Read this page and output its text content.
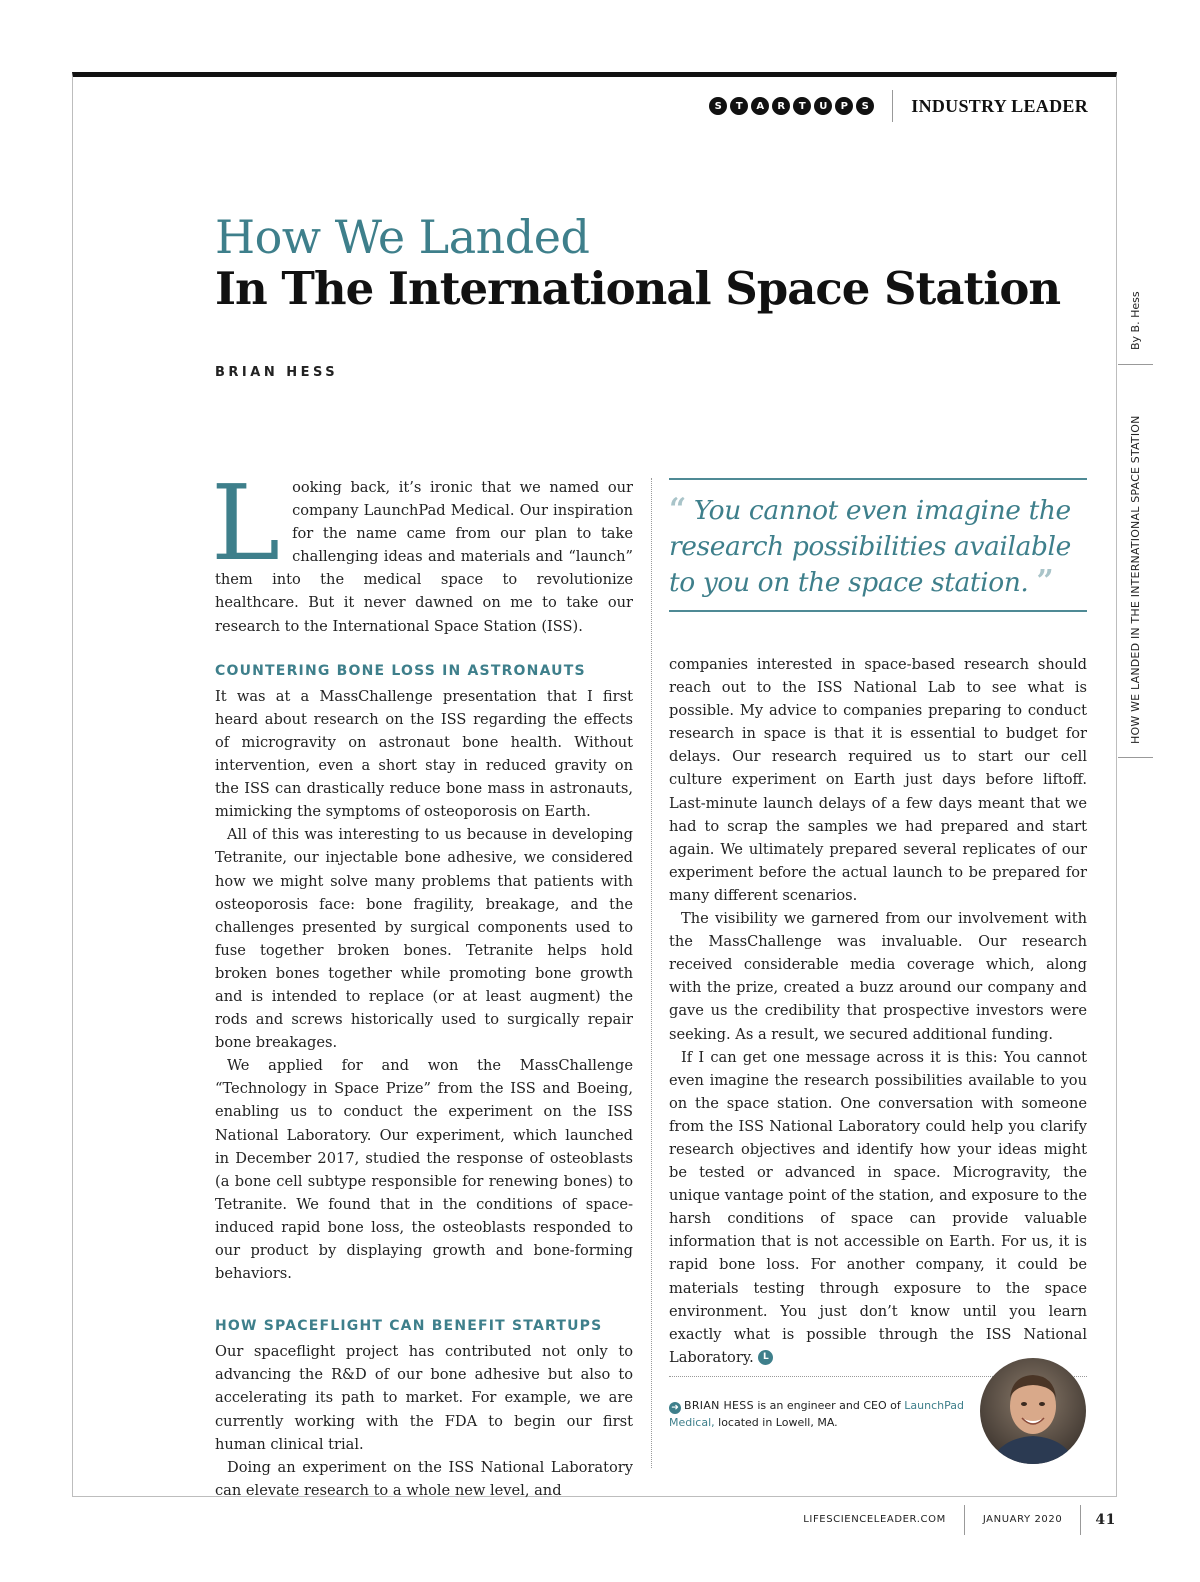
S	T	A	R	T	U	P	S	INDUSTRY LEADER
How We Landed
In The International Space Station
BRIAN HESS
By B. Hess
HOW WE LANDED IN THE INTERNATIONAL SPACE STATION

Looking back, it’s ironic that we named our company LaunchPad Medical. Our inspiration for the name came from our plan to take challenging ideas and materials and “launch” them into the medical space to revolutionize healthcare. But it never dawned on me to take our research to the International Space Station (ISS).

COUNTERING BONE LOSS IN ASTRONAUTS

It was at a MassChallenge presentation that I first heard about research on the ISS regarding the effects of microgravity on astronaut bone health. Without intervention, even a short stay in reduced gravity on the ISS can drastically reduce bone mass in astronauts, mimicking the symptoms of osteoporosis on Earth.

All of this was interesting to us because in developing Tetranite, our injectable bone adhesive, we considered how we might solve many problems that patients with osteoporosis face: bone fragility, breakage, and the challenges presented by surgical components used to fuse together broken bones. Tetranite helps hold broken bones together while promoting bone growth and is intended to replace (or at least augment) the rods and screws historically used to surgically repair bone breakages.

We applied for and won the MassChallenge “Technology in Space Prize” from the ISS and Boeing, enabling us to conduct the experiment on the ISS National Laboratory. Our experiment, which launched in December 2017, studied the response of osteoblasts (a bone cell subtype responsible for renewing bones) to Tetranite. We found that in the conditions of space-induced rapid bone loss, the osteoblasts responded to our product by displaying growth and bone-forming behaviors.

HOW SPACEFLIGHT CAN BENEFIT STARTUPS

Our spaceflight project has contributed not only to advancing the R&D of our bone adhesive but also to accelerating its path to market. For example, we are currently working with the FDA to begin our first human clinical trial.

Doing an experiment on the ISS National Laboratory can elevate research to a whole new level, and

“ You cannot even imagine the research possibilities available to you on the space station. ”

companies interested in space-based research should reach out to the ISS National Lab to see what is possible. My advice to companies preparing to conduct research in space is that it is essential to budget for delays. Our research required us to start our cell culture experiment on Earth just days before liftoff. Last-minute launch delays of a few days meant that we had to scrap the samples we had prepared and start again. We ultimately prepared several replicates of our experiment before the actual launch to be prepared for many different scenarios.

The visibility we garnered from our involvement with the MassChallenge was invaluable. Our research received considerable media coverage which, along with the prize, created a buzz around our company and gave us the credibility that prospective investors were seeking. As a result, we secured additional funding.

If I can get one message across it is this: You cannot even imagine the research possibilities available to you on the space station. One conversation with someone from the ISS National Laboratory could help you clarify research objectives and identify how your ideas might be tested or advanced in space. Microgravity, the unique vantage point of the station, and exposure to the harsh conditions of space can provide valuable information that is not accessible on Earth. For us, it is rapid bone loss. For another company, it could be materials testing through exposure to the space environment. You just don’t know until you learn exactly what is possible through the ISS National Laboratory. L

➜ BRIAN HESS is an engineer and CEO of LaunchPad Medical, located in Lowell, MA.
LIFESCIENCELEADER.COM	JANUARY 2020	41
